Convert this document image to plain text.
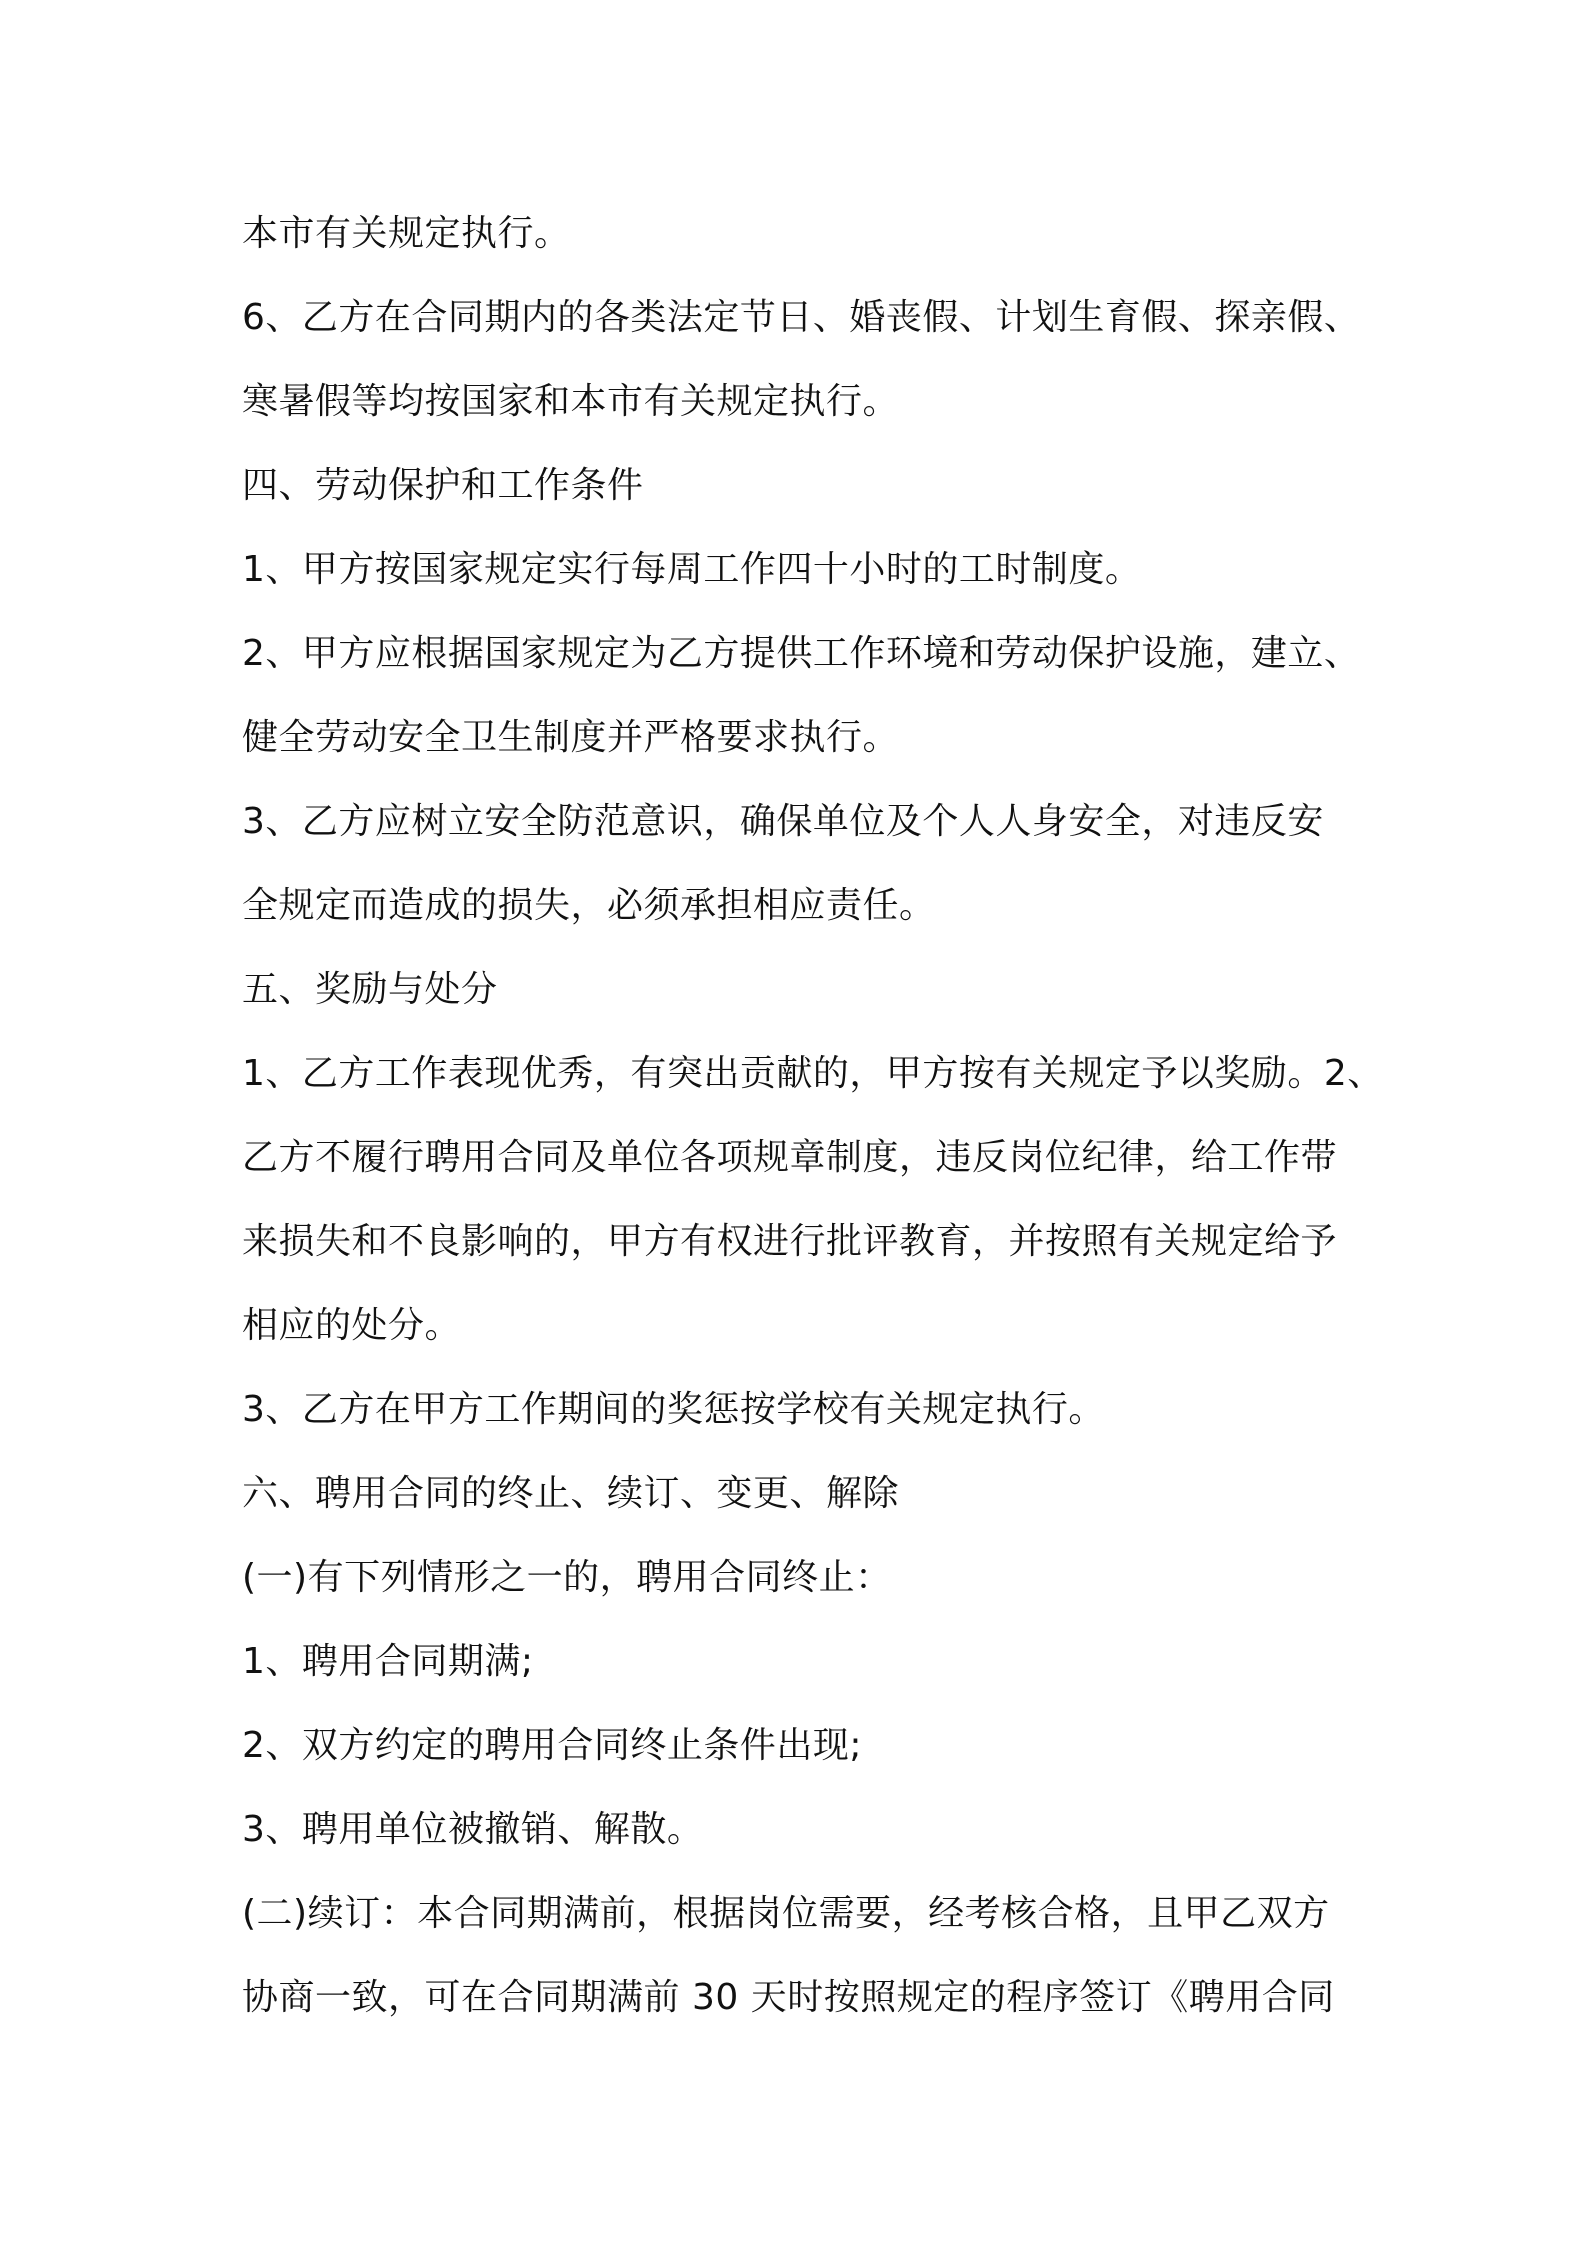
本市有关规定执行。
6、乙方在合同期内的各类法定节日、婚丧假、计划生育假、探亲假、
寒暑假等均按国家和本市有关规定执行。
四、劳动保护和工作条件
1、甲方按国家规定实行每周工作四十小时的工时制度。
2、甲方应根据国家规定为乙方提供工作环境和劳动保护设施，建立、
健全劳动安全卫生制度并严格要求执行。
3、乙方应树立安全防范意识，确保单位及个人人身安全，对违反安
全规定而造成的损失，必须承担相应责任。
五、奖励与处分
1、乙方工作表现优秀，有突出贡献的，甲方按有关规定予以奖励。2、
乙方不履行聘用合同及单位各项规章制度，违反岗位纪律，给工作带
来损失和不良影响的，甲方有权进行批评教育，并按照有关规定给予
相应的处分。
3、乙方在甲方工作期间的奖惩按学校有关规定执行。
六、聘用合同的终止、续订、变更、解除
(一)有下列情形之一的，聘用合同终止：
1、聘用合同期满;
2、双方约定的聘用合同终止条件出现;
3、聘用单位被撤销、解散。
(二)续订：本合同期满前，根据岗位需要，经考核合格，且甲乙双方
协商一致，可在合同期满前 30 天时按照规定的程序签订《聘用合同
